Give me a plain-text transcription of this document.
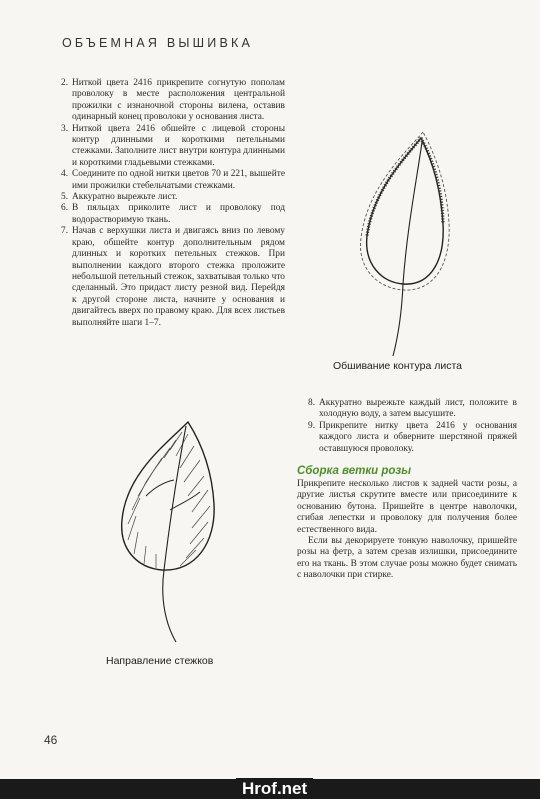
ОБЪЕМНАЯ ВЫШИВКА
2. Ниткой цвета 2416 прикрепите согнутую пополам проволоку в месте расположения центральной прожилки с изнаночной стороны вилена, оставив одинарный конец проволоки у основания листа.
3. Ниткой цвета 2416 обшейте с лицевой стороны контур длинными и короткими петельными стежками. Заполните лист внутри контура длинными и короткими гладьевыми стежками.
4. Соедините по одной нитки цветов 70 и 221, вышейте ими прожилки стебельчатыми стежками.
5. Аккуратно вырежьте лист.
6. В пяльцах приколите лист и проволоку под водорастворимую ткань.
7. Начав с верхушки листа и двигаясь вниз по левому краю, обшейте контур дополнительным рядом длинных и коротких петельных стежков. При выполнении каждого второго стежка проложите небольшой петельный стежок, захватывая только что сделанный. Это придаст листу резной вид. Перейдя к другой стороне листа, начните у основания и двигайтесь вверх по правому краю. Для всех листьев выполняйте шаги 1–7.
Обшивание контура листа
8. Аккуратно вырежьте каждый лист, положите в холодную воду, а затем высушите.
9. Прикрепите нитку цвета 2416 у основания каждого листа и обверните шерстяной пряжей оставшуюся проволоку.
Сборка ветки розы

Прикрепите несколько листов к задней части розы, а другие листья скрутите вместе или присоедините к основанию бутона. Пришейте в центре наволочки, сгибая лепестки и проволоку для получения более естественного вида.

Если вы декорируете тонкую наволочку, пришейте розы на фетр, а затем срезав излишки, присоедините его на ткань. В этом случае розы можно будет снимать с наволочки при стирке.

Направление стежков
46
Hrof.net
